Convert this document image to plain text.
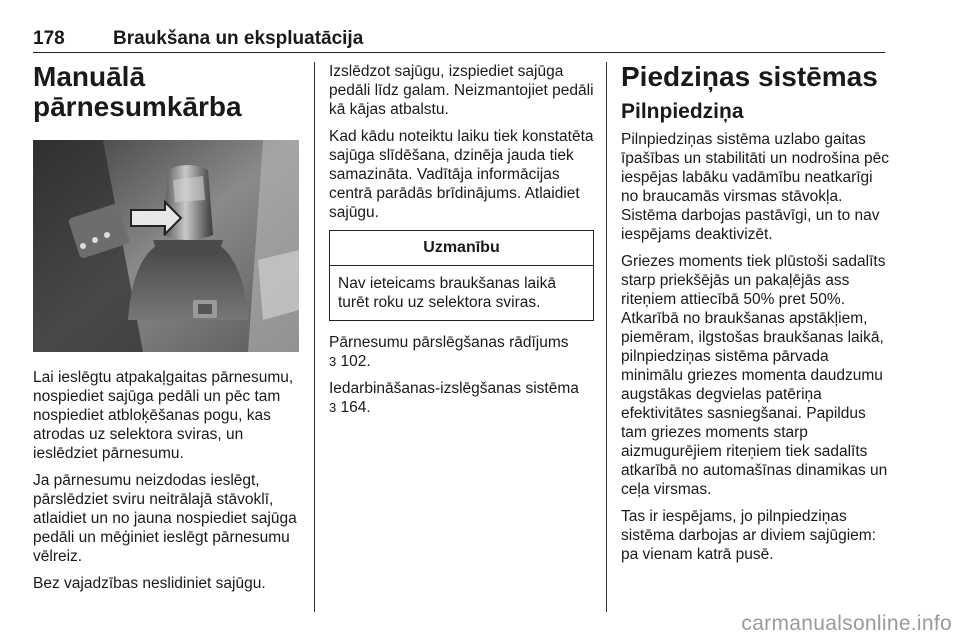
178	Braukšana un ekspluatācija
Manuālā
pārnesumkārba

Lai ieslēgtu atpakaļgaitas pārnesumu, nospiediet sajūga pedāli un pēc tam nospiediet atbloķēšanas pogu, kas atrodas uz selektora sviras, un ieslēdziet pārnesumu.

Ja pārnesumu neizdodas ieslēgt, pārslēdziet sviru neitrālajā stāvoklī, atlaidiet un no jauna nospiediet sajūga pedāli un mēģiniet ieslēgt pārnesumu vēlreiz.

Bez vajadzības neslidiniet sajūgu.

Izslēdzot sajūgu, izspiediet sajūga pedāli līdz galam. Neizmantojiet pedāli kā kājas atbalstu.

Kad kādu noteiktu laiku tiek konstatēta sajūga slīdēšana, dzinēja jauda tiek samazināta. Vadītāja informācijas centrā parādās brīdinājums. Atlaidiet sajūgu.

Uzmanību
Nav ieteicams braukšanas laikā turēt roku uz selektora sviras.

Pārnesumu pārslēgšanas rādījums
3 102.

Iedarbināšanas-izslēgšanas sistēma
3 164.

Piedziņas sistēmas
Pilnpiedziņa

Pilnpiedziņas sistēma uzlabo gaitas īpašības un stabilitāti un nodrošina pēc iespējas labāku vadāmību neatkarīgi no braucamās virsmas stāvokļa. Sistēma darbojas pastāvīgi, un to nav iespējams deaktivizēt.

Griezes moments tiek plūstoši sadalīts starp priekšējās un pakaļējās ass riteņiem attiecībā 50% pret 50%. Atkarībā no braukšanas apstākļiem, piemēram, ilgstošas braukšanas laikā, pilnpiedziņas sistēma pārvada minimālu griezes momenta daudzumu augstākas degvielas patēriņa efektivitātes sasniegšanai. Papildus tam griezes moments starp aizmugurējiem riteņiem tiek sadalīts atkarībā no automašīnas dinamikas un ceļa virsmas.

Tas ir iespējams, jo pilnpiedziņas sistēma darbojas ar diviem sajūgiem: pa vienam katrā pusē.

carmanualsonline.info
